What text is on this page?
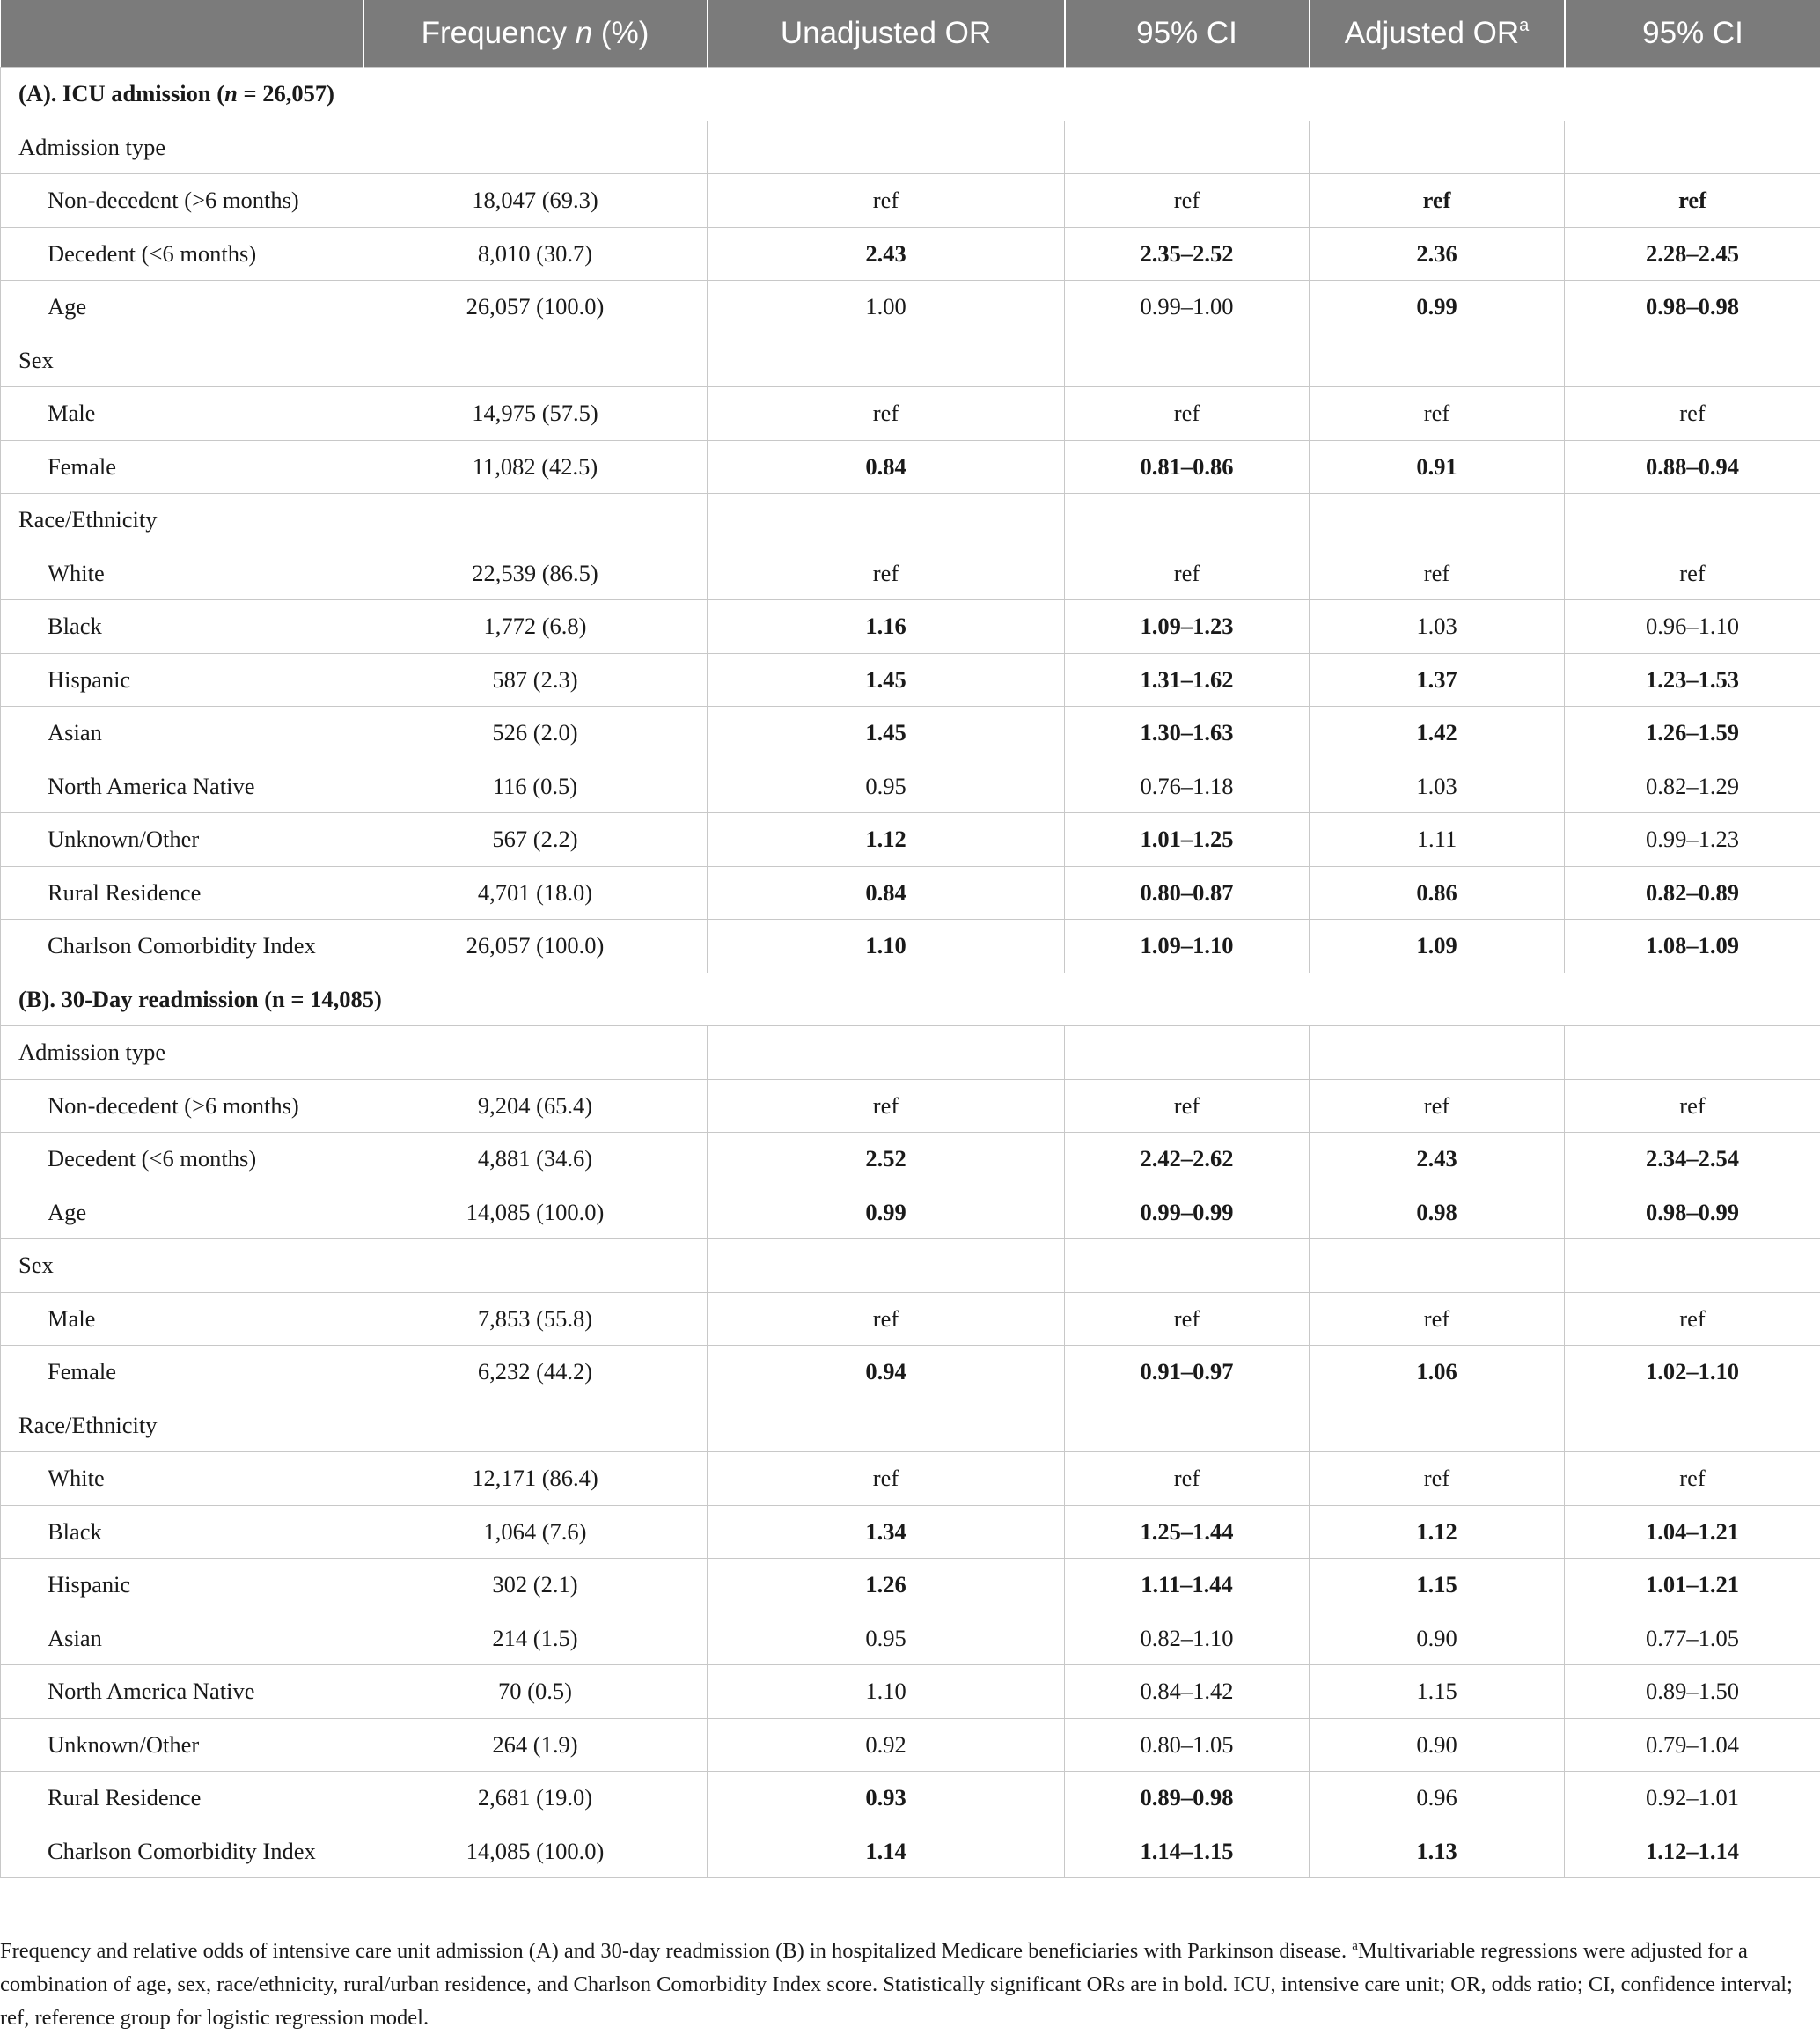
	Frequency n (%)	Unadjusted OR	95% CI	Adjusted $OR^a$	95% CI
(A). ICU admission (n = 26,057)					
Admission type					
Non-decedent (>6 months)	18,047 (69.3)	ref	ref	ref	ref
Decedent (<6 months)	8,010 (30.7)	2.43	2.35–2.52	2.36	2.28–2.45
Age	26,057 (100.0)	1.00	0.99–1.00	0.99	0.98–0.98
Sex					
Male	14,975 (57.5)	ref	ref	ref	ref
Female	11,082 (42.5)	0.84	0.81–0.86	0.91	0.88–0.94
Race/Ethnicity					
White	22,539 (86.5)	ref	ref	ref	ref
Black	1,772 (6.8)	1.16	1.09–1.23	1.03	0.96–1.10
Hispanic	587 (2.3)	1.45	1.31–1.62	1.37	1.23–1.53
Asian	526 (2.0)	1.45	1.30–1.63	1.42	1.26–1.59
North America Native	116 (0.5)	0.95	0.76–1.18	1.03	0.82–1.29
Unknown/Other	567 (2.2)	1.12	1.01–1.25	1.11	0.99–1.23
Rural Residence	4,701 (18.0)	0.84	0.80–0.87	0.86	0.82–0.89
Charlson Comorbidity Index	26,057 (100.0)	1.10	1.09–1.10	1.09	1.08–1.09
(B). 30-Day readmission (n = 14,085)					
Admission type					
Non-decedent (>6 months)	9,204 (65.4)	ref	ref	ref	ref
Decedent (<6 months)	4,881 (34.6)	2.52	2.42–2.62	2.43	2.34–2.54
Age	14,085 (100.0)	0.99	0.99–0.99	0.98	0.98–0.99
Sex					
Male	7,853 (55.8)	ref	ref	ref	ref
Female	6,232 (44.2)	0.94	0.91–0.97	1.06	1.02–1.10
Race/Ethnicity					
White	12,171 (86.4)	ref	ref	ref	ref
Black	1,064 (7.6)	1.34	1.25–1.44	1.12	1.04–1.21
Hispanic	302 (2.1)	1.26	1.11–1.44	1.15	1.01–1.21
Asian	214 (1.5)	0.95	0.82–1.10	0.90	0.77–1.05
North America Native	70 (0.5)	1.10	0.84–1.42	1.15	0.89–1.50
Unknown/Other	264 (1.9)	0.92	0.80–1.05	0.90	0.79–1.04
Rural Residence	2,681 (19.0)	0.93	0.89–0.98	0.96	0.92–1.01
Charlson Comorbidity Index	14,085 (100.0)	1.14	1.14–1.15	1.13	1.12–1.14
Frequency and relative odds of intensive care unit admission (A) and 30-day readmission (B) in hospitalized Medicare beneficiaries with Parkinson disease. $^a$Multivariable regressions were adjusted for a combination of age, sex, race/ethnicity, rural/urban residence, and Charlson Comorbidity Index score. Statistically significant ORs are in bold. ICU, intensive care unit; OR, odds ratio; CI, confidence interval; ref, reference group for logistic regression model.
